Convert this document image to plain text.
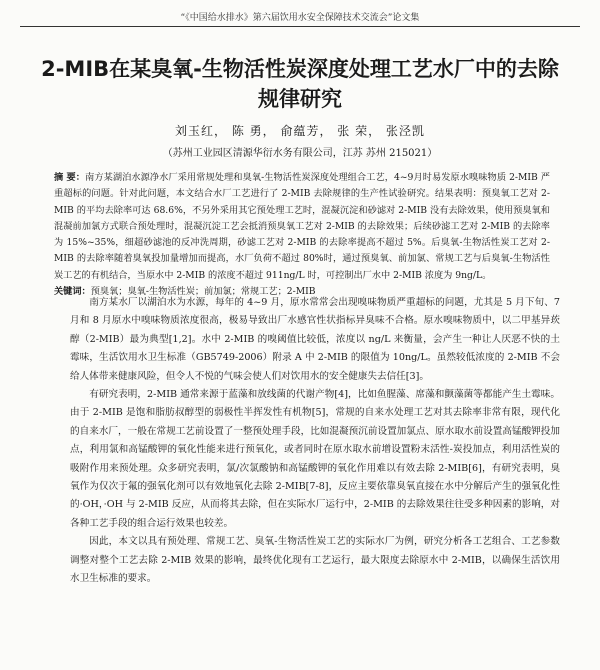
“《中国给水排水》第六届饮用水安全保障技术交流会”论文集
2-MIB在某臭氧-生物活性炭深度处理工艺水厂中的去除规律研究
刘玉红， 陈 勇， 俞蕴芳， 张 荣， 张泾凯
（苏州工业园区清源华衍水务有限公司，江苏 苏州 215021）
摘 要：南方某湖泊水源净水厂采用常规处理和臭氧-生物活性炭深度处理组合工艺，4~9月时易发原水嗅味物质 2-MIB 严重超标的问题。针对此问题，本文结合水厂工艺进行了 2-MIB 去除规律的生产性试验研究。结果表明：预臭氧工艺对 2-MIB 的平均去除率可达 68.6%，不另外采用其它预处理工艺时，混凝沉淀和砂滤对 2-MIB 没有去除效果，使用预臭氧和混凝前加氯方式联合预处理时，混凝沉淀工艺会抵消预臭氧工艺对 2-MIB 的去除效果；后续砂滤工艺对 2-MIB 的去除率为 15%~35%，细超砂滤池的反冲洗周期，砂滤工艺对 2-MIB 的去除率提高不超过 5%。后臭氧-生物活性炭工艺对 2-MIB 的去除率随着臭氧投加量增加而提高，水厂负荷不超过 80%时，通过预臭氧、前加氯、常规工艺与后臭氧-生物活性炭工艺的有机结合，当原水中 2-MIB 的浓度不超过 911ng/L 时，可控制出厂水中 2-MIB 浓度为 9ng/L。
关键词：预臭氧；臭氧-生物活性炭；前加氯；常规工艺；2-MIB

南方某水厂以湖泊水为水源，每年的 4~9 月，原水常常会出现嗅味物质严重超标的问题，尤其是 5 月下旬、7 月和 8 月原水中嗅味物质浓度很高，极易导致出厂水感官性状指标异臭味不合格。原水嗅味物质中，以二甲基异莰醇（2-MIB）最为典型[1,2]。水中 2-MIB 的嗅阈值比较低，浓度以 ng/L 来衡量，会产生一种让人厌恶不快的土霉味，生活饮用水卫生标准（GB5749-2006）附录 A 中 2-MIB 的限值为 10ng/L。虽然较低浓度的 2-MIB 不会给人体带来健康风险，但令人不悦的气味会使人们对饮用水的安全健康失去信任[3]。

有研究表明，2-MIB 通常来源于蓝藻和放线菌的代谢产物[4]，比如鱼腥藻、席藻和颤藻菌等都能产生土霉味。由于 2-MIB 是饱和脂肪叔醇型的弱极性半挥发性有机物[5]，常规的自来水处理工艺对其去除率非常有限，现代化的自来水厂，一般在常规工艺前设置了一整预处理手段，比如混凝预沉前设置加氯点、原水取水前设置高锰酸钾投加点，利用氯和高锰酸钾的氧化性能来进行预氧化，或者同时在原水取水前增设置粉末活性-炭投加点，利用活性炭的吸附作用来预处理。众多研究表明，氯/次氯酸钠和高锰酸钾的氧化作用难以有效去除 2-MIB[6]，有研究表明，臭氧作为仅次于氟的强氧化剂可以有效地氧化去除 2-MIB[7-8]，反应主要依靠臭氧直接在水中分解后产生的强氧化性的·OH，·OH 与 2-MIB 反应，从而将其去除，但在实际水厂运行中，2-MIB 的去除效果往往受多种因素的影响，对各种工艺手段的组合运行效果也较差。

因此，本文以具有预处理、常规工艺、臭氧-生物活性炭工艺的实际水厂为例，研究分析各工艺组合、工艺参数调整对整个工艺去除 2-MIB 效果的影响，最终优化现有工艺运行，最大限度去除原水中 2-MIB，以确保生活饮用水卫生标准的要求。
